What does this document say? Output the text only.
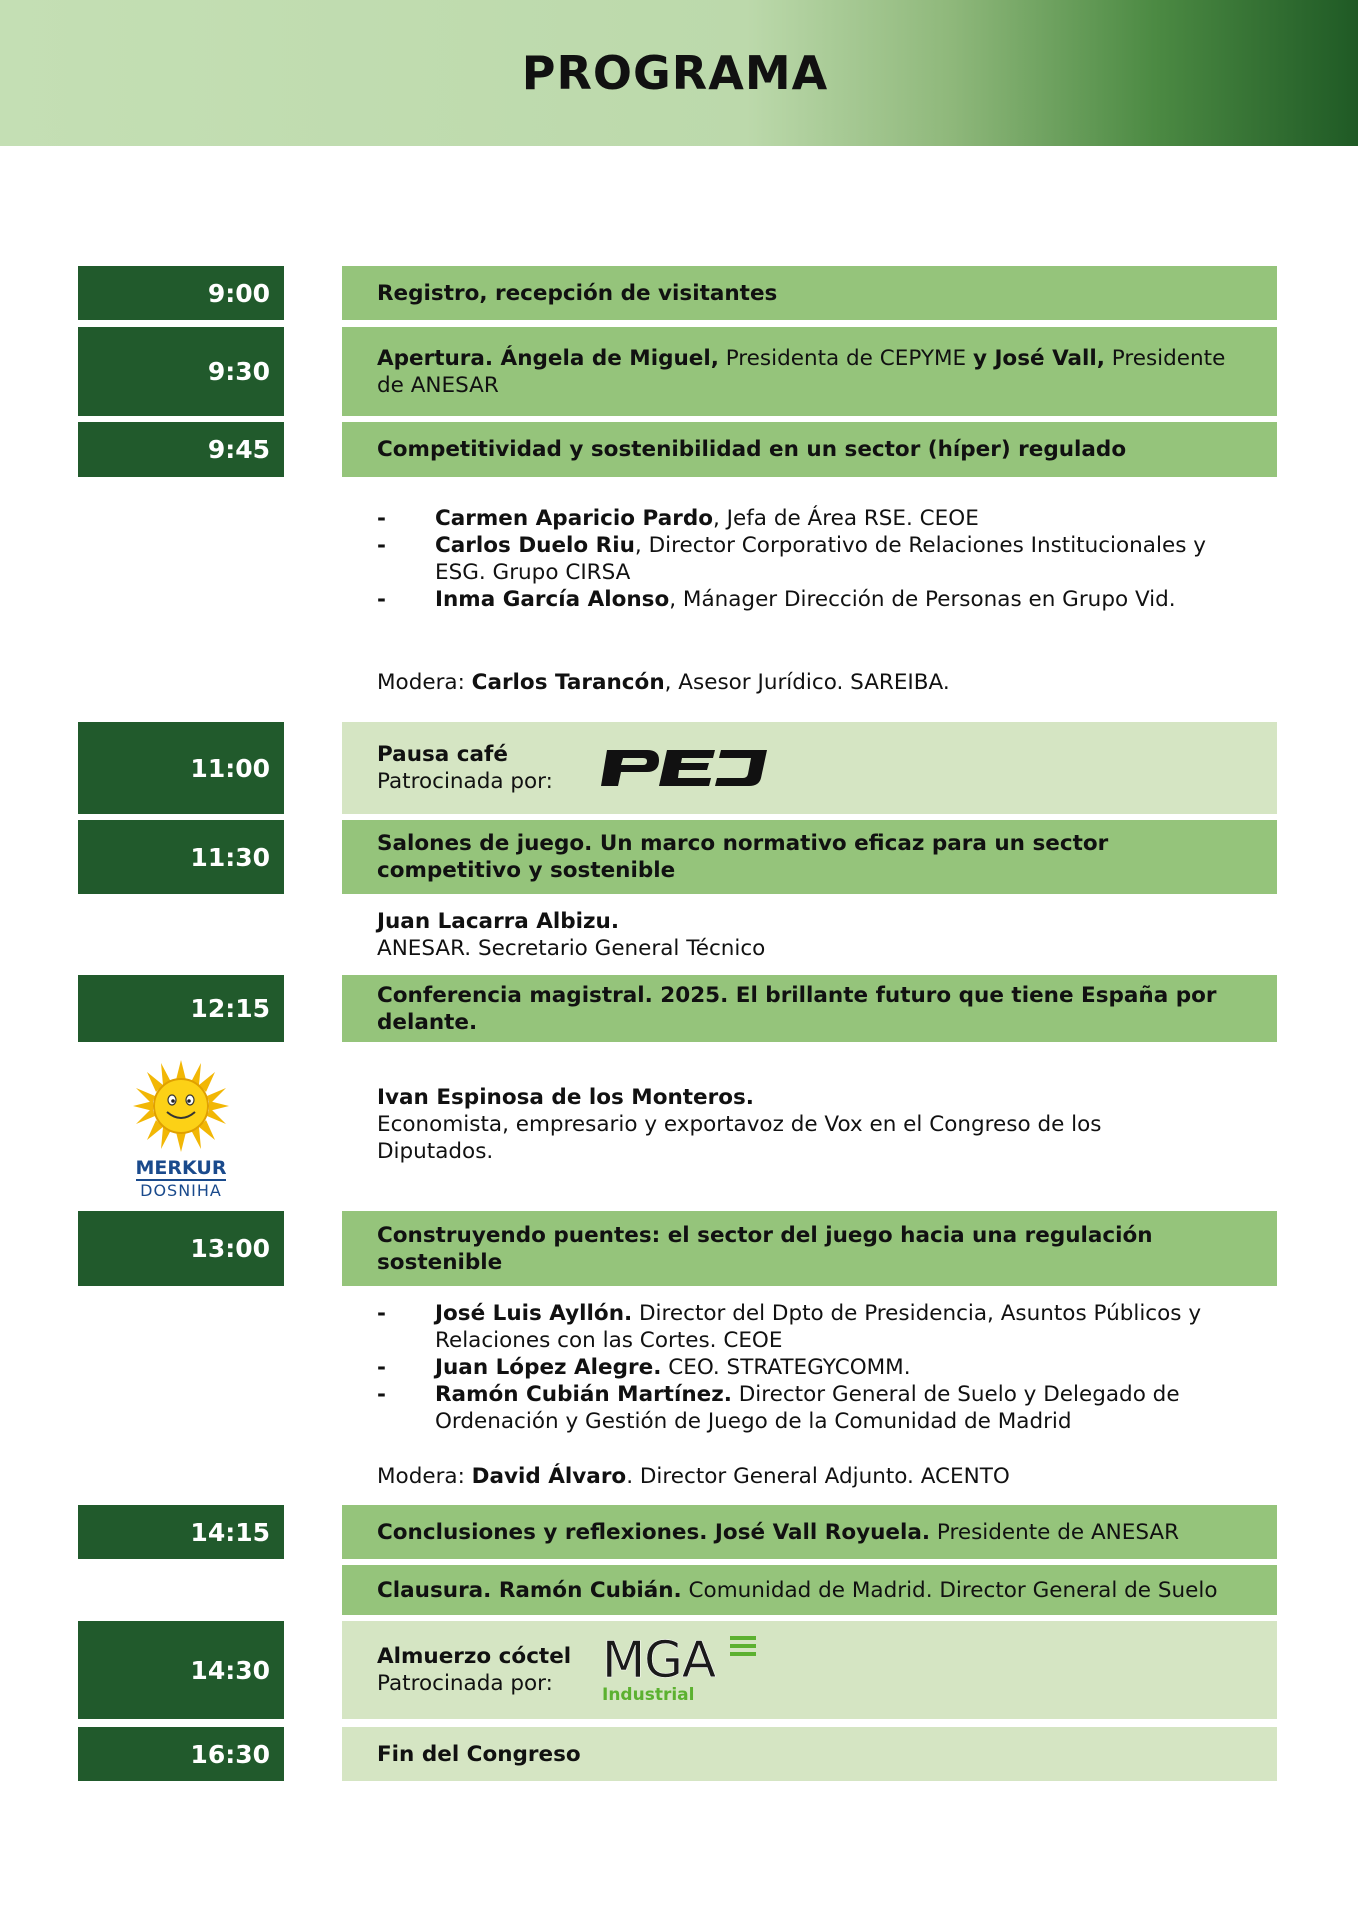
PROGRAMA
9:00	Registro, recepción de visitantes
9:30	Apertura. Ángela de Miguel, Presidenta de CEPYME y José Vall, Presidente de ANESAR
9:45	Competitividad y sostenibilidad en un sector (híper) regulado
- Carmen Aparicio Pardo, Jefa de Área RSE. CEOE
- Carlos Duelo Riu, Director Corporativo de Relaciones Institucionales y ESG. Grupo CIRSA
- Inma García Alonso, Mánager Dirección de Personas en Grupo Vid.
Modera: Carlos Tarancón, Asesor Jurídico. SAREIBA.
11:00	Pausa café
Patrocinada por:
11:30	Salones de juego. Un marco normativo eficaz para un sector competitivo y sostenible
Juan Lacarra Albizu.
ANESAR. Secretario General Técnico
12:15	Conferencia magistral. 2025. El brillante futuro que tiene España por delante.
MERKUR
DOSNIHA
Ivan Espinosa de los Monteros.
Economista, empresario y exportavoz de Vox en el Congreso de los Diputados.
13:00	Construyendo puentes: el sector del juego hacia una regulación sostenible
- José Luis Ayllón. Director del Dpto de Presidencia, Asuntos Públicos y Relaciones con las Cortes. CEOE
- Juan López Alegre. CEO. STRATEGYCOMM.
- Ramón Cubián Martínez. Director General de Suelo y Delegado de Ordenación y Gestión de Juego de la Comunidad de Madrid
Modera: David Álvaro. Director General Adjunto. ACENTO
14:15	Conclusiones y reflexiones. José Vall Royuela. Presidente de ANESAR
Clausura. Ramón Cubián. Comunidad de Madrid. Director General de Suelo
14:30	Almuerzo cóctel
Patrocinada por: MGA
Industrial
16:30	Fin del Congreso
